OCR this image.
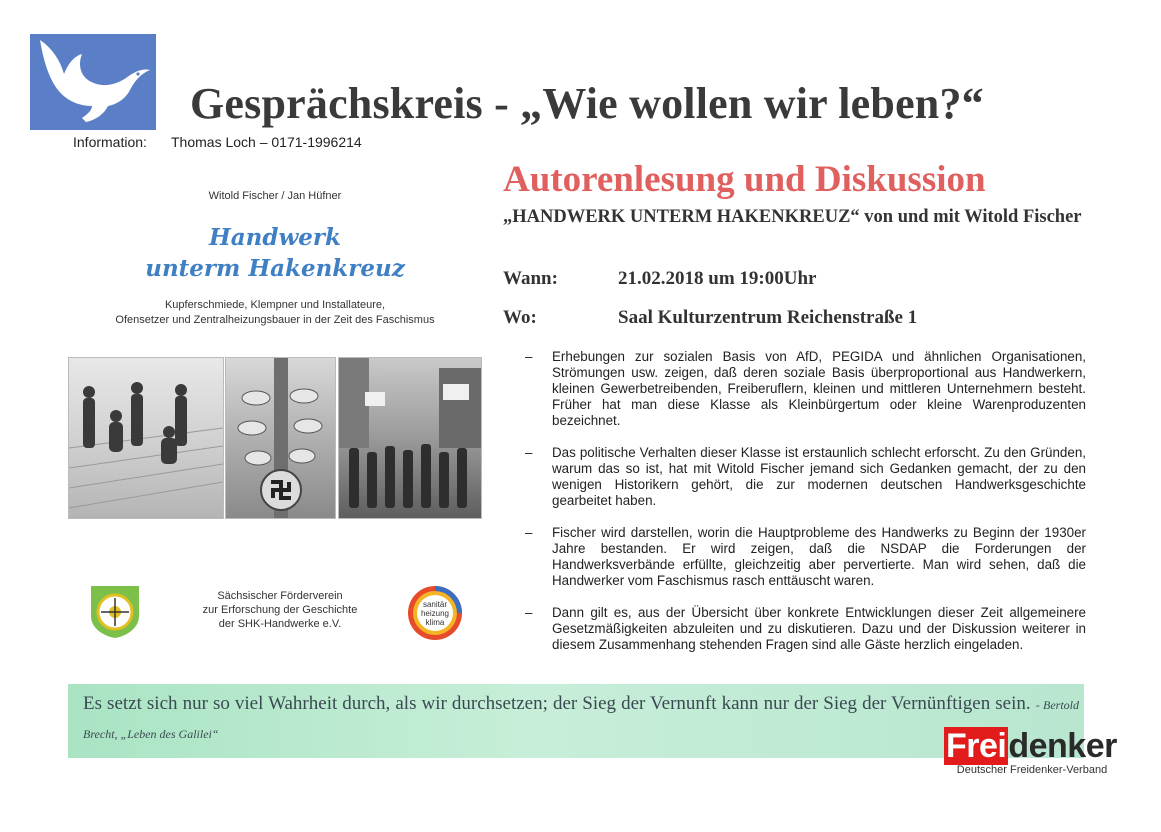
Gesprächskreis - „Wie wollen wir leben?“
Information: Thomas Loch – 0171-1996214
Witold Fischer / Jan Hüfner
Handwerk
unterm Hakenkreuz
Kupferschmiede, Klempner und Installateure,
Ofensetzer und Zentralheizungsbauer in der Zeit des Faschismus
Sächsischer Förderverein
zur Erforschung der Geschichte
der SHK-Handwerke e.V.
sanitär
heizung
klima
Autorenlesung und Diskussion
„HANDWERK UNTERM HAKENKREUZ“ von und mit Witold Fischer
Wann:	21.02.2018 um 19:00Uhr
Wo:	Saal Kulturzentrum Reichenstraße 1
– Erhebungen zur sozialen Basis von AfD, PEGIDA und ähnlichen Organisationen, Strömungen usw. zeigen, daß deren soziale Basis überproportional aus Handwerkern, kleinen Gewerbetreibenden, Freiberuflern, kleinen und mittleren Unternehmern besteht. Früher hat man diese Klasse als Kleinbürgertum oder kleine Warenproduzenten bezeichnet.
– Das politische Verhalten dieser Klasse ist erstaunlich schlecht erforscht. Zu den Gründen, warum das so ist, hat mit Witold Fischer jemand sich Gedanken gemacht, der zu den wenigen Historikern gehört, die zur modernen deutschen Handwerksgeschichte gearbeitet haben.
– Fischer wird darstellen, worin die Hauptprobleme des Handwerks zu Beginn der 1930er Jahre bestanden. Er wird zeigen, daß die NSDAP die Forderungen der Handwerksverbände erfüllte, gleichzeitig aber pervertierte. Man wird sehen, daß die Handwerker vom Faschismus rasch enttäuscht waren.
– Dann gilt es, aus der Übersicht über konkrete Entwicklungen dieser Zeit allgemeinere Gesetzmäßigkeiten abzuleiten und zu diskutieren. Dazu und der Diskussion weiterer in diesem Zusammenhang stehenden Fragen sind alle Gäste herzlich eingeladen.
Es setzt sich nur so viel Wahrheit durch, als wir durchsetzen; der Sieg der Vernunft kann nur der Sieg der Vernünftigen sein. - Bertold Brecht, „Leben des Galilei“	Freidenker
Deutscher Freidenker-Verband
